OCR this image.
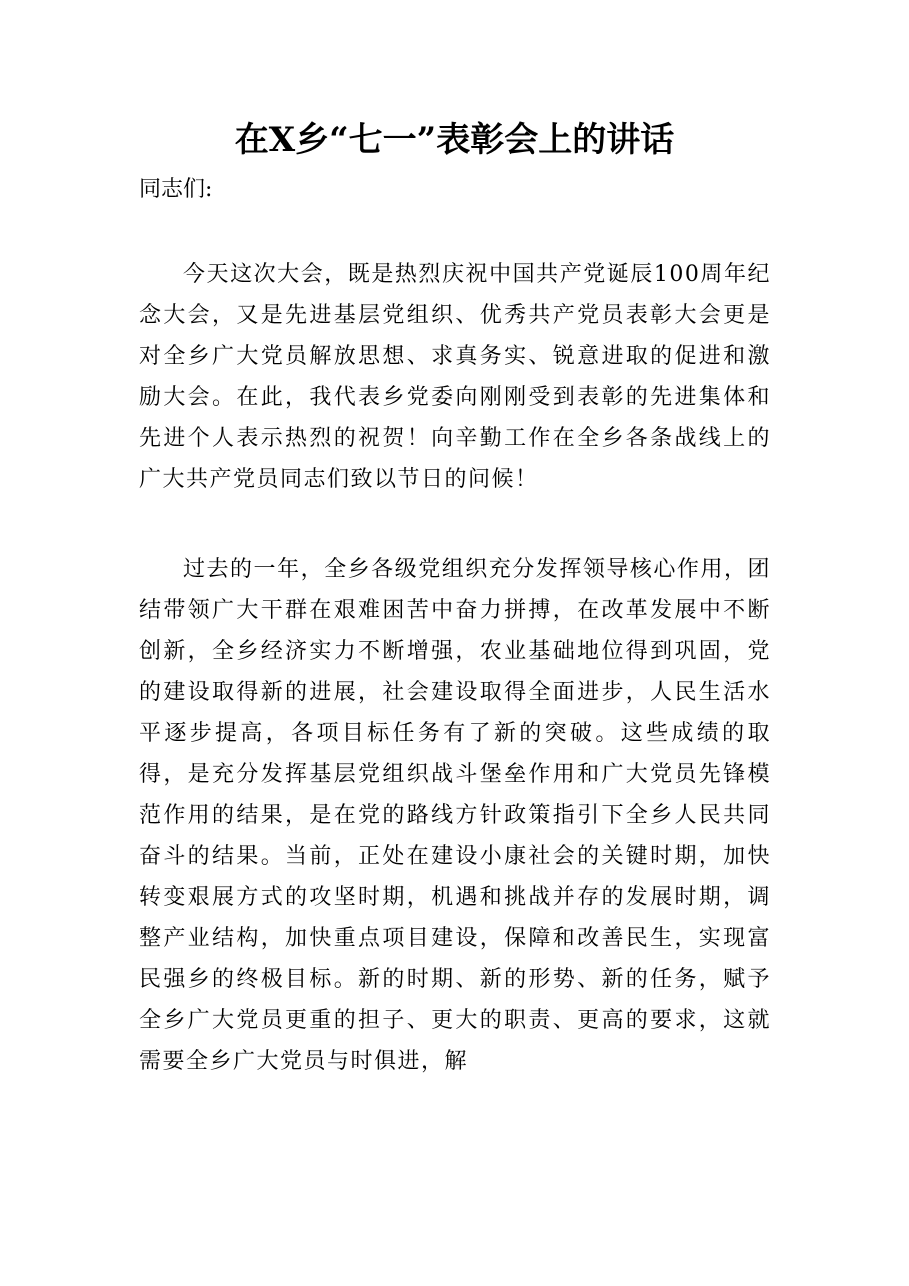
在X乡“七一”表彰会上的讲话

同志们:

今天这次大会，既是热烈庆祝中国共产党诞辰100周年纪念大会，又是先进基层党组织、优秀共产党员表彰大会更是对全乡广大党员解放思想、求真务实、锐意进取的促进和激励大会。在此，我代表乡党委向刚刚受到表彰的先进集体和先进个人表示热烈的祝贺！向辛勤工作在全乡各条战线上的广大共产党员同志们致以节日的问候！

过去的一年，全乡各级党组织充分发挥领导核心作用，团结带领广大干群在艰难困苦中奋力拼搏，在改革发展中不断创新，全乡经济实力不断增强，农业基础地位得到巩固，党的建设取得新的进展，社会建设取得全面进步，人民生活水平逐步提高，各项目标任务有了新的突破。这些成绩的取得，是充分发挥基层党组织战斗堡垒作用和广大党员先锋模范作用的结果，是在党的路线方针政策指引下全乡人民共同奋斗的结果。当前，正处在建设小康社会的关键时期，加快转变艰展方式的攻坚时期，机遇和挑战并存的发展时期，调整产业结构，加快重点项目建设，保障和改善民生，实现富民强乡的终极目标。新的时期、新的形势、新的任务，赋予全乡广大党员更重的担子、更大的职责、更高的要求，这就需要全乡广大党员与时俱进，解
